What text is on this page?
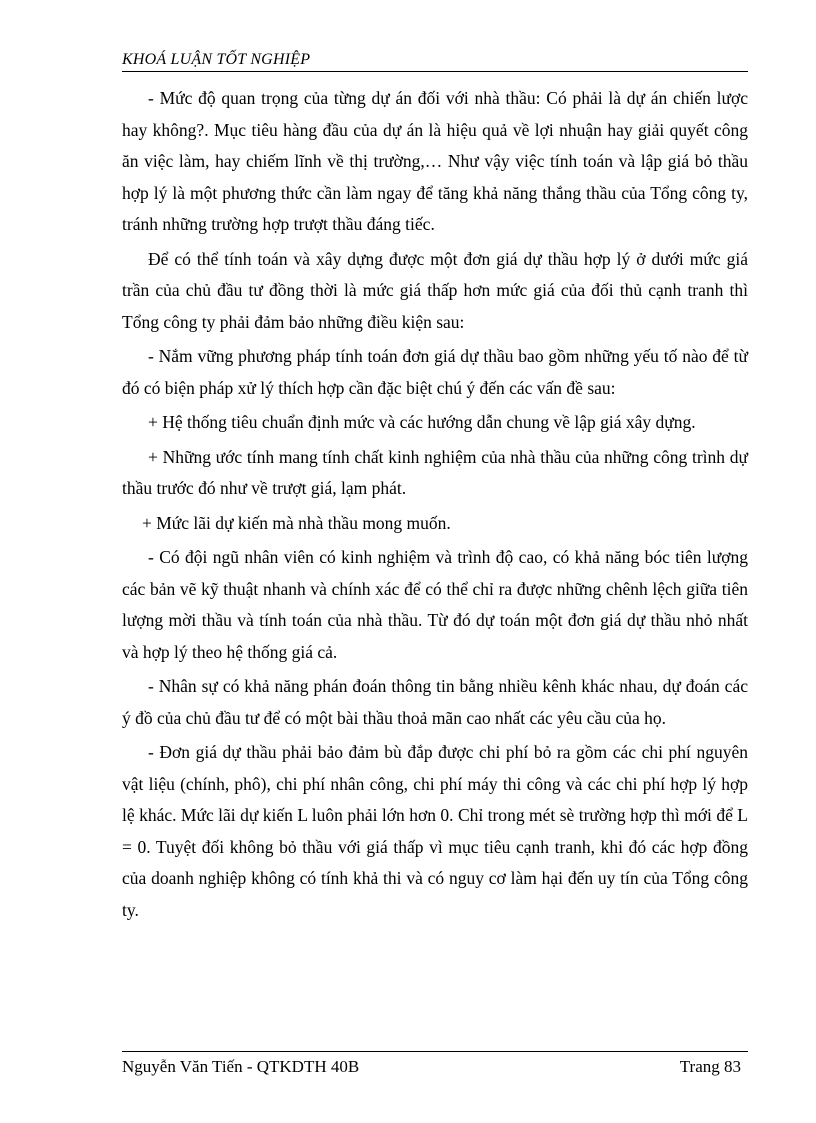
KHOÁ LUẬN TỐT NGHIỆP

- Mức độ quan trọng của từng dự án đối với nhà thầu: Có phải là dự án chiến lược hay không?. Mục tiêu hàng đầu của dự án là hiệu quả về lợi nhuận hay giải quyết công ăn việc làm, hay chiếm lĩnh về thị trường,… Như vậy việc tính toán và lập giá bỏ thầu hợp lý là một phương thức cần làm ngay để tăng khả năng thắng thầu của Tổng công ty, tránh những trường hợp trượt thầu đáng tiếc.

Để có thể tính toán và xây dựng được một đơn giá dự thầu hợp lý ở dưới mức giá trần của chủ đầu tư đồng thời là mức giá thấp hơn mức giá của đối thủ cạnh tranh thì Tổng công ty phải đảm bảo những điều kiện sau:

- Nắm vững phương pháp tính toán đơn giá dự thầu bao gồm những yếu tố nào để từ đó có biện pháp xử lý thích hợp cần đặc biệt chú ý đến các vấn đề sau:

+ Hệ thống tiêu chuẩn định mức và các hướng dẫn chung về lập giá xây dựng.

+ Những ước tính mang tính chất kinh nghiệm của nhà thầu của những công trình dự thầu trước đó như về trượt giá, lạm phát.

+ Mức lãi dự kiến mà nhà thầu mong muốn.

- Có đội ngũ nhân viên có kinh nghiệm và trình độ cao, có khả năng bóc tiên lượng các bản vẽ kỹ thuật nhanh và chính xác để có thể chỉ ra được những chênh lệch giữa tiên lượng mời thầu và tính toán của nhà thầu. Từ đó dự toán một đơn giá dự thầu nhỏ nhất và hợp lý theo hệ thống giá cả.

- Nhân sự có khả năng phán đoán thông tin bằng nhiều kênh khác nhau, dự đoán các ý đồ của chủ đầu tư để có một bài thầu thoả mãn cao nhất các yêu cầu của họ.

- Đơn giá dự thầu phải bảo đảm bù đắp được chi phí bỏ ra gồm các chi phí nguyên vật liệu (chính, phô), chi phí nhân công, chi phí máy thi công và các chi phí hợp lý hợp lệ khác. Mức lãi dự kiến L luôn phải lớn hơn 0. Chỉ trong mét sè trường hợp thì mới để L = 0. Tuyệt đối không bỏ thầu với giá thấp vì mục tiêu cạnh tranh, khi đó các hợp đồng của doanh nghiệp không có tính khả thi và có nguy cơ làm hại đến uy tín của Tổng công ty.

Nguyễn Văn Tiến - QTKDTH 40B	Trang 83
